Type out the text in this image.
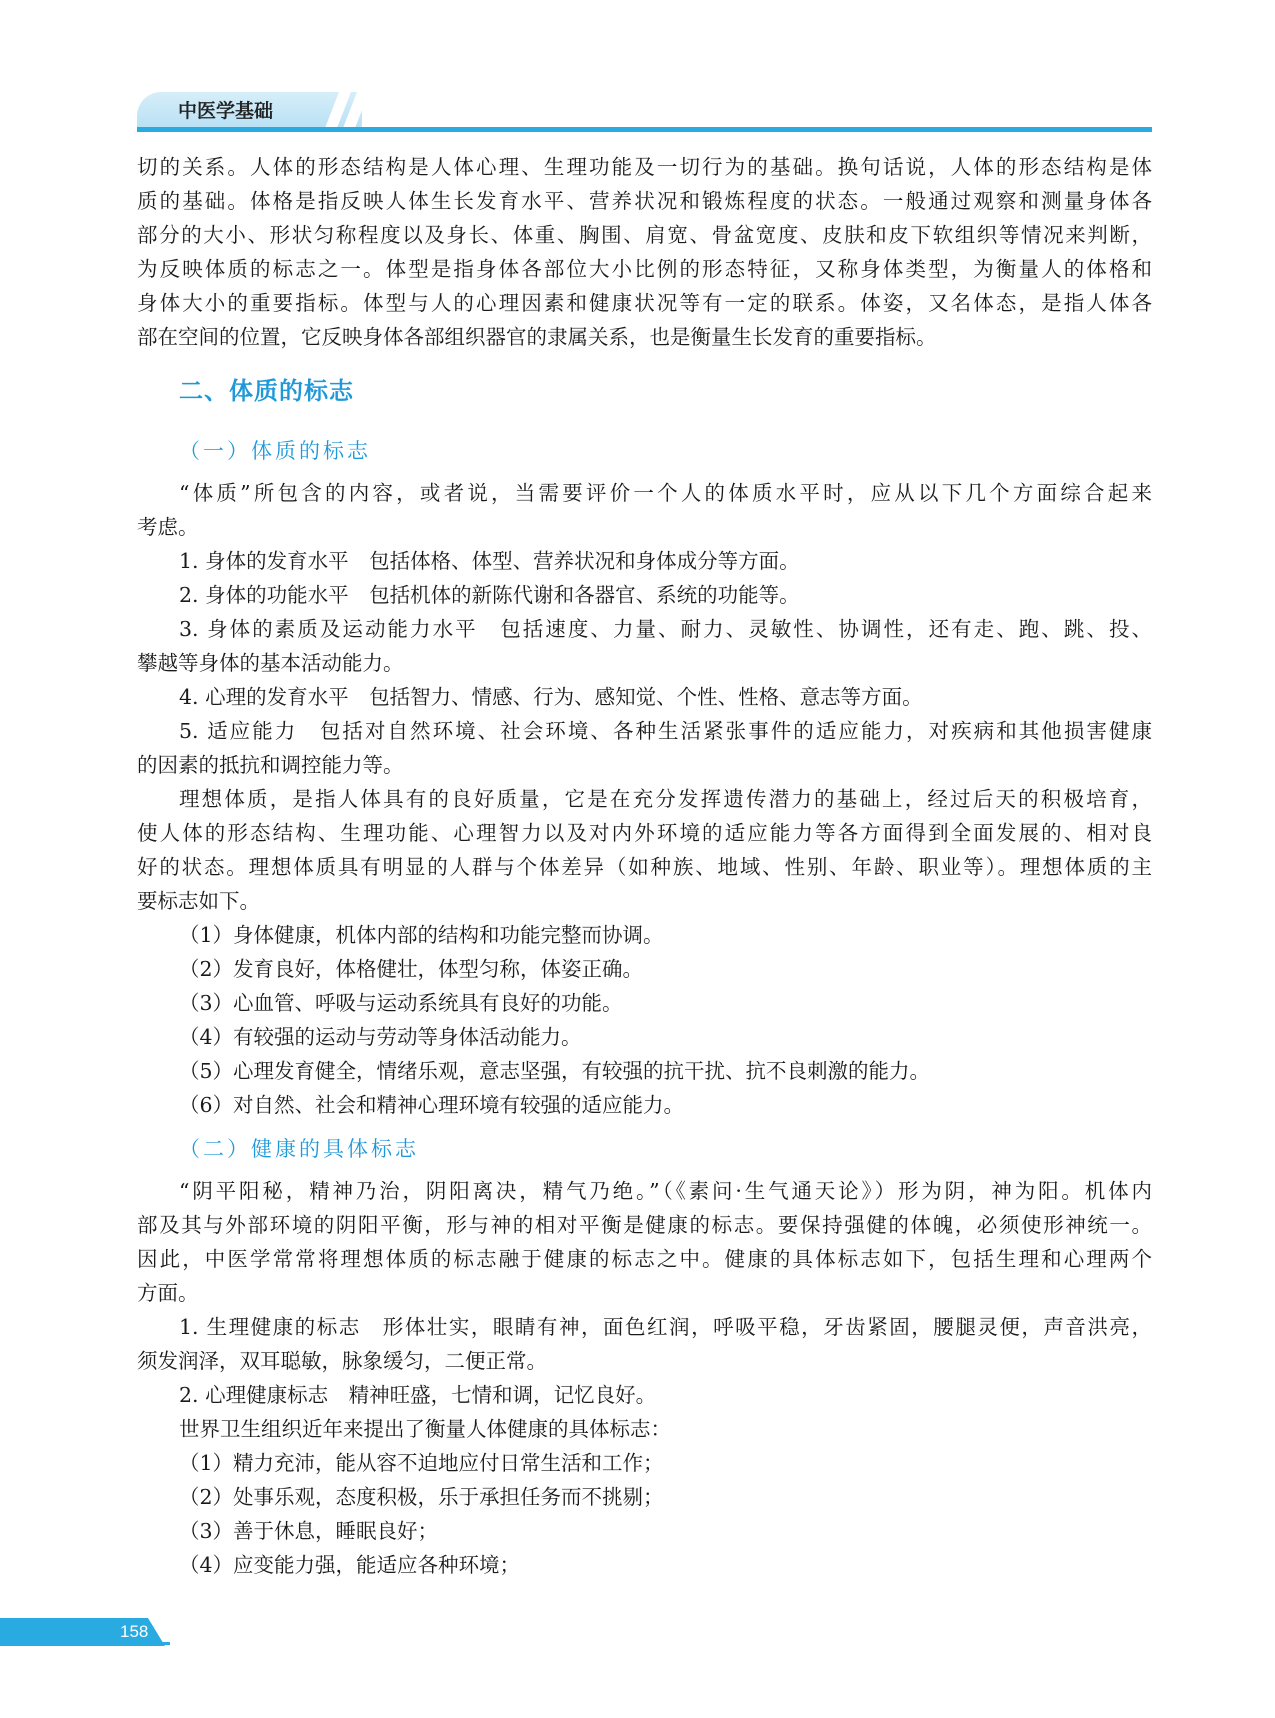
中医学基础
切的关系。人体的形态结构是人体心理、生理功能及一切行为的基础。换句话说，人体的形态结构是体
质的基础。体格是指反映人体生长发育水平、营养状况和锻炼程度的状态。一般通过观察和测量身体各
部分的大小、形状匀称程度以及身长、体重、胸围、肩宽、骨盆宽度、皮肤和皮下软组织等情况来判断，
为反映体质的标志之一。体型是指身体各部位大小比例的形态特征，又称身体类型，为衡量人的体格和
身体大小的重要指标。体型与人的心理因素和健康状况等有一定的联系。体姿，又名体态，是指人体各
部在空间的位置，它反映身体各部组织器官的隶属关系，也是衡量生长发育的重要指标。
二、体质的标志
（一）体质的标志
“体质”所包含的内容，或者说，当需要评价一个人的体质水平时，应从以下几个方面综合起来
考虑。
1. 身体的发育水平　包括体格、体型、营养状况和身体成分等方面。
2. 身体的功能水平　包括机体的新陈代谢和各器官、系统的功能等。
3. 身体的素质及运动能力水平　包括速度、力量、耐力、灵敏性、协调性，还有走、跑、跳、投、
攀越等身体的基本活动能力。
4. 心理的发育水平　包括智力、情感、行为、感知觉、个性、性格、意志等方面。
5. 适应能力　包括对自然环境、社会环境、各种生活紧张事件的适应能力，对疾病和其他损害健康
的因素的抵抗和调控能力等。
理想体质，是指人体具有的良好质量，它是在充分发挥遗传潜力的基础上，经过后天的积极培育，
使人体的形态结构、生理功能、心理智力以及对内外环境的适应能力等各方面得到全面发展的、相对良
好的状态。理想体质具有明显的人群与个体差异（如种族、地域、性别、年龄、职业等）。理想体质的主
要标志如下。
（1）身体健康，机体内部的结构和功能完整而协调。
（2）发育良好，体格健壮，体型匀称，体姿正确。
（3）心血管、呼吸与运动系统具有良好的功能。
（4）有较强的运动与劳动等身体活动能力。
（5）心理发育健全，情绪乐观，意志坚强，有较强的抗干扰、抗不良刺激的能力。
（6）对自然、社会和精神心理环境有较强的适应能力。
（二）健康的具体标志
“阴平阳秘，精神乃治，阴阳离决，精气乃绝。”（《素问·生气通天论》）形为阴，神为阳。机体内
部及其与外部环境的阴阳平衡，形与神的相对平衡是健康的标志。要保持强健的体魄，必须使形神统一。
因此，中医学常常将理想体质的标志融于健康的标志之中。健康的具体标志如下，包括生理和心理两个
方面。
1. 生理健康的标志　形体壮实，眼睛有神，面色红润，呼吸平稳，牙齿紧固，腰腿灵便，声音洪亮，
须发润泽，双耳聪敏，脉象缓匀，二便正常。
2. 心理健康标志　精神旺盛，七情和调，记忆良好。
世界卫生组织近年来提出了衡量人体健康的具体标志：
（1）精力充沛，能从容不迫地应付日常生活和工作；
（2）处事乐观，态度积极，乐于承担任务而不挑剔；
（3）善于休息，睡眠良好；
（4）应变能力强，能适应各种环境；
158
